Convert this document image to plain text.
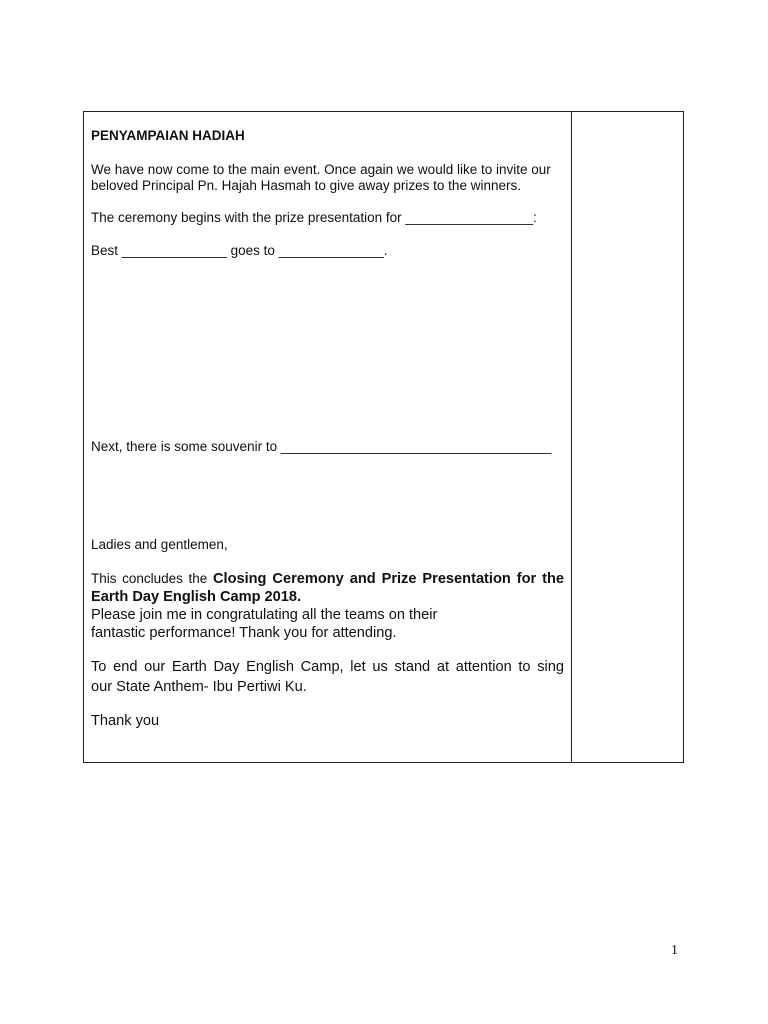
PENYAMPAIAN HADIAH

We have now come to the main event. Once again we would like to invite our

beloved Principal Pn. Hajah Hasmah to give away prizes to the winners.

The ceremony begins with the prize presentation for _________________:

Best ______________ goes to ______________.

Next, there is some souvenir to ____________________________________

Ladies and gentlemen,

This concludes the Closing Ceremony and Prize Presentation for the

Earth Day English Camp 2018.

Please join me in congratulating all the teams on their

fantastic performance! Thank you for attending.

To end our Earth Day English Camp, let us stand at attention to sing

our State Anthem- Ibu Pertiwi Ku.

Thank you

1
